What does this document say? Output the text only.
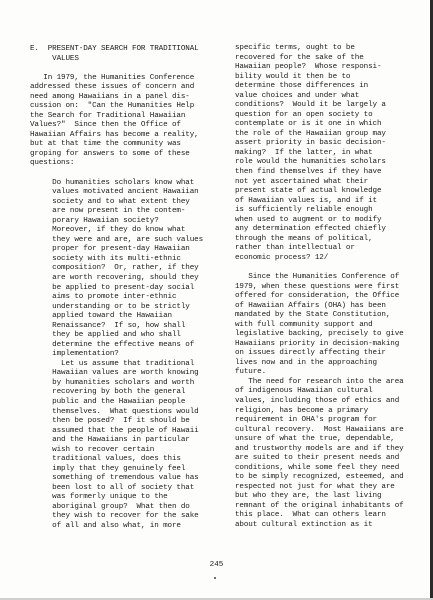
E.  PRESENT-DAY SEARCH FOR TRADITIONAL
VALUES
In 1979, the Humanities Conference
addressed these issues of concern and
need among Hawaiians in a panel dis-
cussion on:  "Can the Humanities Help
the Search for Traditional Hawaiian
Values?"  Since then the Office of
Hawaiian Affairs has become a reality,
but at that time the community was
groping for answers to some of these
questions:
Do humanities scholars know what
values motivated ancient Hawaiian
society and to what extent they
are now present in the contem-
porary Hawaiian society?
Moreover, if they do know what
they were and are, are such values
proper for present-day Hawaiian
society with its multi-ethnic
composition?  Or, rather, if they
are worth recovering, should they
be applied to present-day social
aims to promote inter-ethnic
understanding or to be strictly
applied toward the Hawaiian
Renaissance?  If so, how shall
they be applied and who shall
determine the effective means of
implementation?
Let us assume that traditional
Hawaiian values are worth knowing
by humanities scholars and worth
recovering by both the general
public and the Hawaiian people
themselves.  What questions would
then be posed?  If it should be
assumed that the people of Hawaii
and the Hawaiians in particular
wish to recover certain
traditional values, does this
imply that they genuinely feel
something of tremendous value has
been lost to all of society that
was formerly unique to the
aboriginal group?  What then do
they wish to recover for the sake
of all and also what, in more
specific terms, ought to be
recovered for the sake of the
Hawaiian people?  Whose responsi-
bility would it then be to
determine those differences in
value choices and under what
conditions?  Would it be largely a
question for an open society to
contemplate or is it one in which
the role of the Hawaiian group may
assert priority in basic decision-
making?  If the latter, in what
role would the humanities scholars
then find themselves if they have
not yet ascertained what their
present state of actual knowledge
of Hawaiian values is, and if it
is sufficiently reliable enough
when used to augment or to modify
any determination effected chiefly
through the means of political,
rather than intellectual or
economic process? 12/
Since the Humanities Conference of
1979, when these questions were first
offered for consideration, the Office
of Hawaiian Affairs (OHA) has been
mandated by the State Constitution,
with full community support and
legislative backing, precisely to give
Hawaiians priority in decision-making
on issues directly affecting their
lives now and in the approaching
future.
The need for research into the area
of indigenous Hawaiian cultural
values, including those of ethics and
religion, has become a primary
requirement in OHA's program for
cultural recovery.  Most Hawaiians are
unsure of what the true, dependable,
and trustworthy models are and if they
are suited to their present needs and
conditions, while some feel they need
to be simply recognized, esteemed, and
respected not just for what they are
but who they are, the last living
remnant of the original inhabitants of
this place.  What can others learn
about cultural extinction as it
245
